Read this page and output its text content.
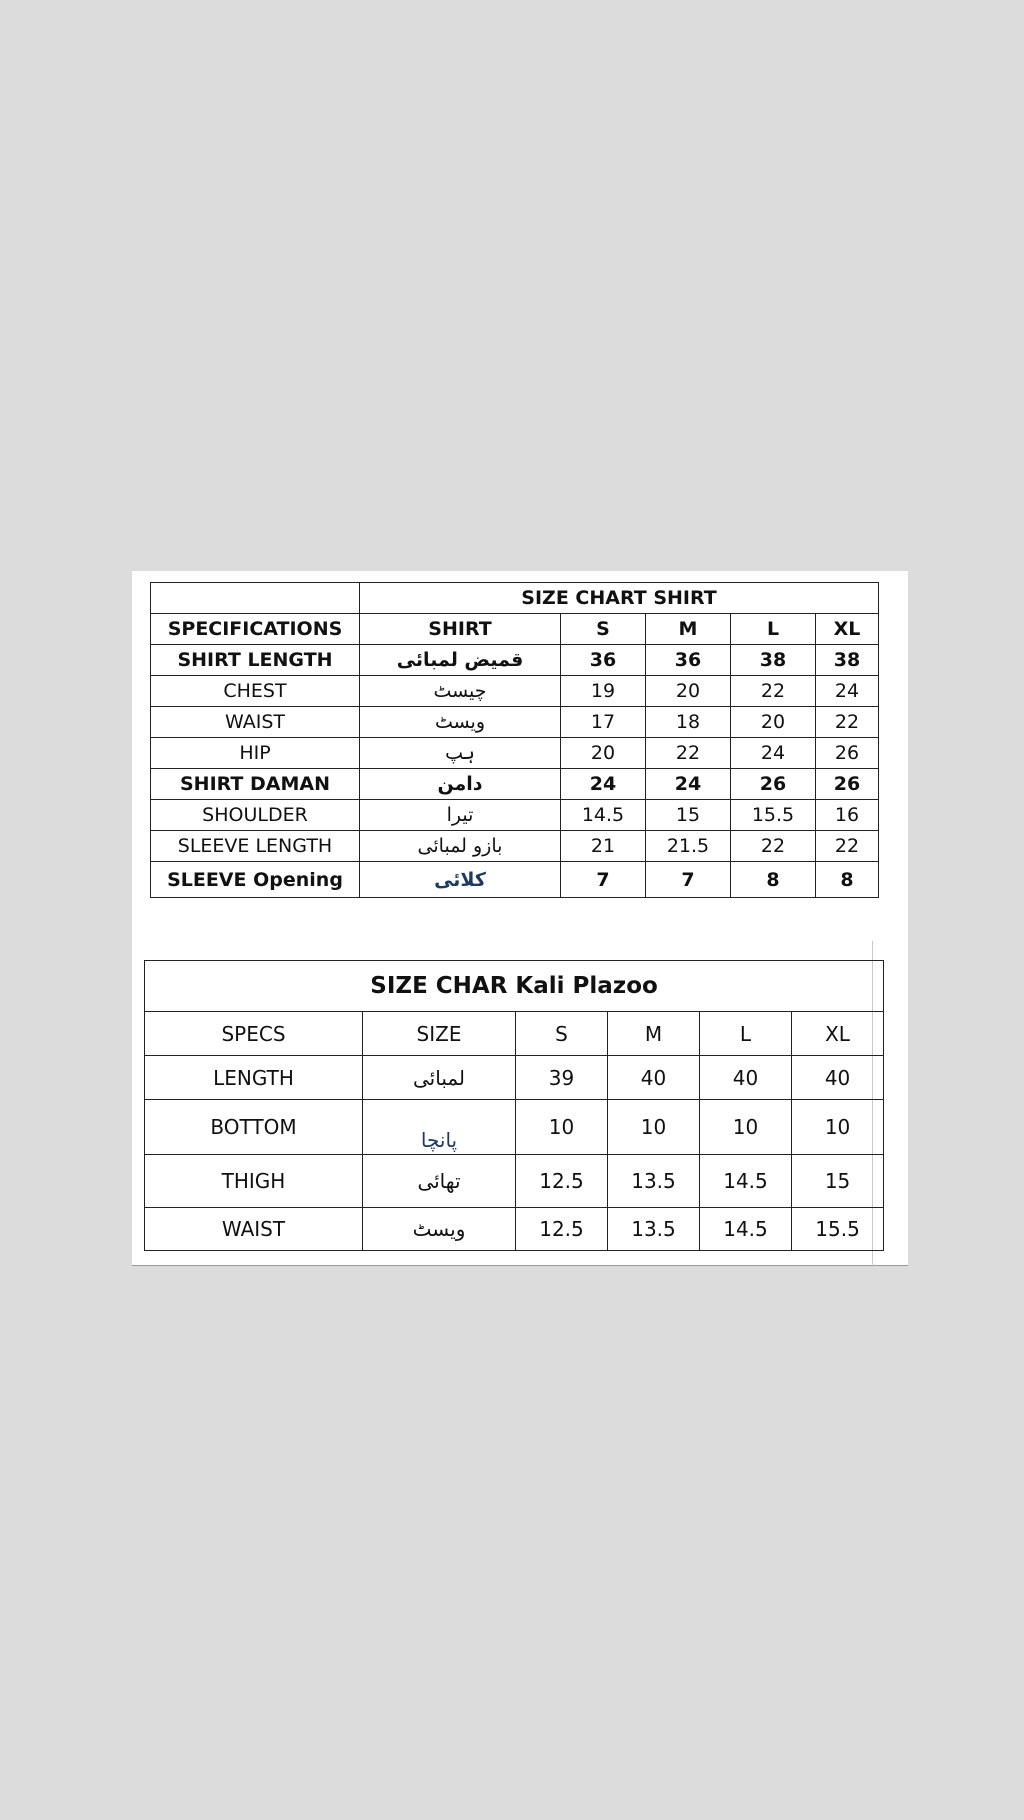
	SIZE CHART SHIRT				
SPECIFICATIONS	SHIRT	S	M	L	XL
SHIRT LENGTH	قمیض لمبائی	36	36	38	38
CHEST	چیسٹ	19	20	22	24
WAIST	ویسٹ	17	18	20	22
HIP	ہپ	20	22	24	26
SHIRT DAMAN	دامن	24	24	26	26
SHOULDER	تیرا	14.5	15	15.5	16
SLEEVE LENGTH	بازو لمبائی	21	21.5	22	22
SLEEVE Opening	کلائی	7	7	8	8
SIZE CHAR Kali Plazoo					
SPECS	SIZE	S	M	L	XL
LENGTH	لمبائی	39	40	40	40
BOTTOM	پانچا	10	10	10	10
THIGH	تھائی	12.5	13.5	14.5	15
WAIST	ویسٹ	12.5	13.5	14.5	15.5
